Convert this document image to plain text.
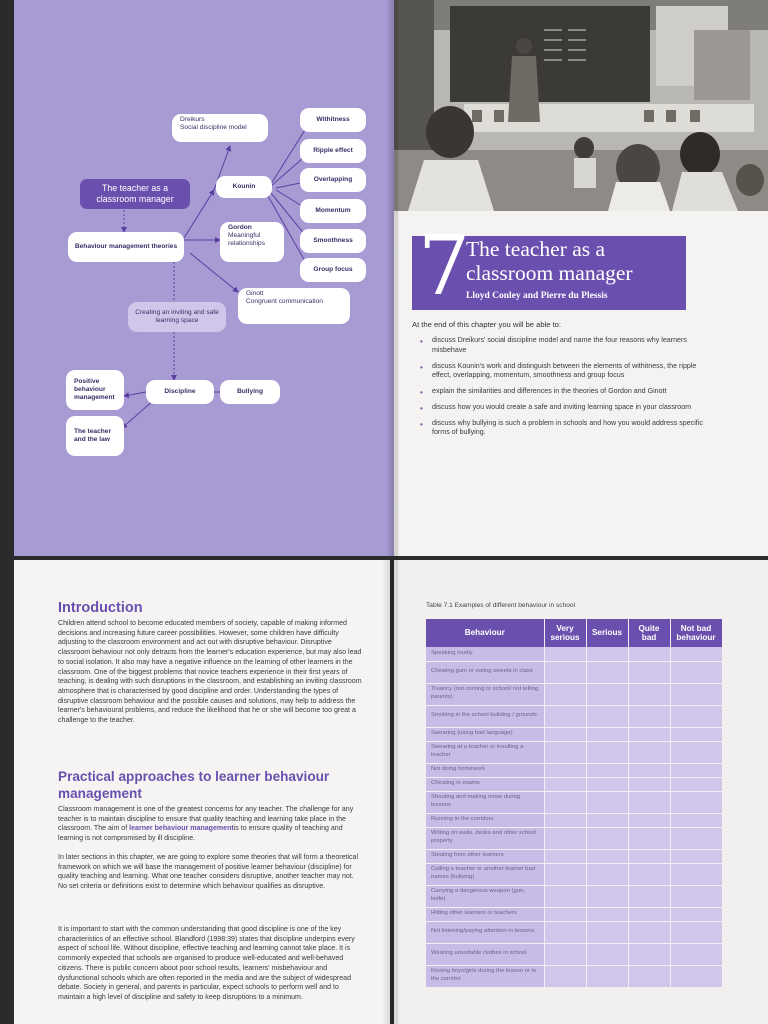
The teacher as a classroom manager
Dreikurs
Social discipline model
Kounin
Gordon
Meaningful relationships
Ginott
Congruent communication
Behaviour management theories
Creating an inviting and safe learning space
Discipline	Bullying
Positive behaviour management
The teacher and the law
Withitness
Ripple effect
Overlapping
Momentum
Smoothness
Group focus 7
The teacher as a classroom manager
Lloyd Conley and Pierre du Plessis
At the end of this chapter you will be able to:
• discuss Dreikurs' social discipline model and name the four reasons why learners misbehave
• discuss Kounin's work and distinguish between the elements of withitness, the ripple effect, overlapping, momentum, smoothness and group focus
• explain the similarities and differences in the theories of Gordon and Ginott
• discuss how you would create a safe and inviting learning space in your classroom
• discuss why bullying is such a problem in schools and how you would address specific forms of bullying.
Introduction

Children attend school to become educated members of society, capable of making informed decisions and increasing future career possibilities. However, some children have difficulty adjusting to the classroom environment and act out with disruptive behaviour. Disruptive classroom behaviour not only detracts from the learner's education experience, but may also lead to social isolation. It also may have a negative influence on the learning of other learners in the classroom. One of the biggest problems that novice teachers experience in their first years of teaching, is dealing with such disruptions in the classroom, and establishing an inviting classroom atmosphere that is characterised by good discipline and order. Understanding the types of disruptive classroom behaviour and the possible causes and solutions, may help to address the learner's behavioural problems, and reduce the likelihood that he or she will become too great a challenge to the teacher.

Practical approaches to learner behaviour management

Classroom management is one of the greatest concerns for any teacher. The challenge for any teacher is to maintain discipline to ensure that quality teaching and learning take place in the classroom. The aim of learner behaviour managementis to ensure quality of teaching and learning is not compromised by ill discipline.

In later sections in this chapter, we are going to explore some theories that will form a theoretical framework on which we will base the management of positive learner behaviour (discipline) for quality teaching and learning. What one teacher considers disruptive, another teacher may not. No set criteria or definitions exist to determine which behaviour qualifies as disruptive.

It is important to start with the common understanding that good discipline is one of the key characteristics of an effective school. Blandford (1998:39) states that discipline underpins every aspect of school life. Without discipline, effective teaching and learning cannot take place. It is commonly expected that schools are organised to produce well-educated and well-behaved citizens. There is public concern about poor school results, learners' misbehaviour and dysfunctional schools which are often reported in the media and are the subject of widespread debate. Society in general, and parents in particular, expect schools to perform well and to maintain a high level of discipline and safety to keep disruptions to a minimum.

Table 7.1 Examples of different behaviour in school
Behaviour	Very serious	Serious	Quite bad	Not bad behaviour
Speaking loudly				
Chewing gum or eating sweets in class				
Truancy (not coming to school/ not telling parents)				
Smoking in the school building / grounds				
Swearing (using bad language)				
Swearing at a teacher or insulting a teacher				
Not doing homework				
Cheating in exams				
Shouting and making noise during lessons				
Running in the corridors				
Writing on walls, desks and other school property				
Stealing from other learners				
Calling a teacher or another learner bad names (bullying)				
Carrying a dangerous weapon (gun, knife)				
Hitting other learners or teachers				
Not listening/paying attention in lessons				
Wearing unsuitable clothes in school				
Kissing boys/girls during the lesson or in the corridor				
